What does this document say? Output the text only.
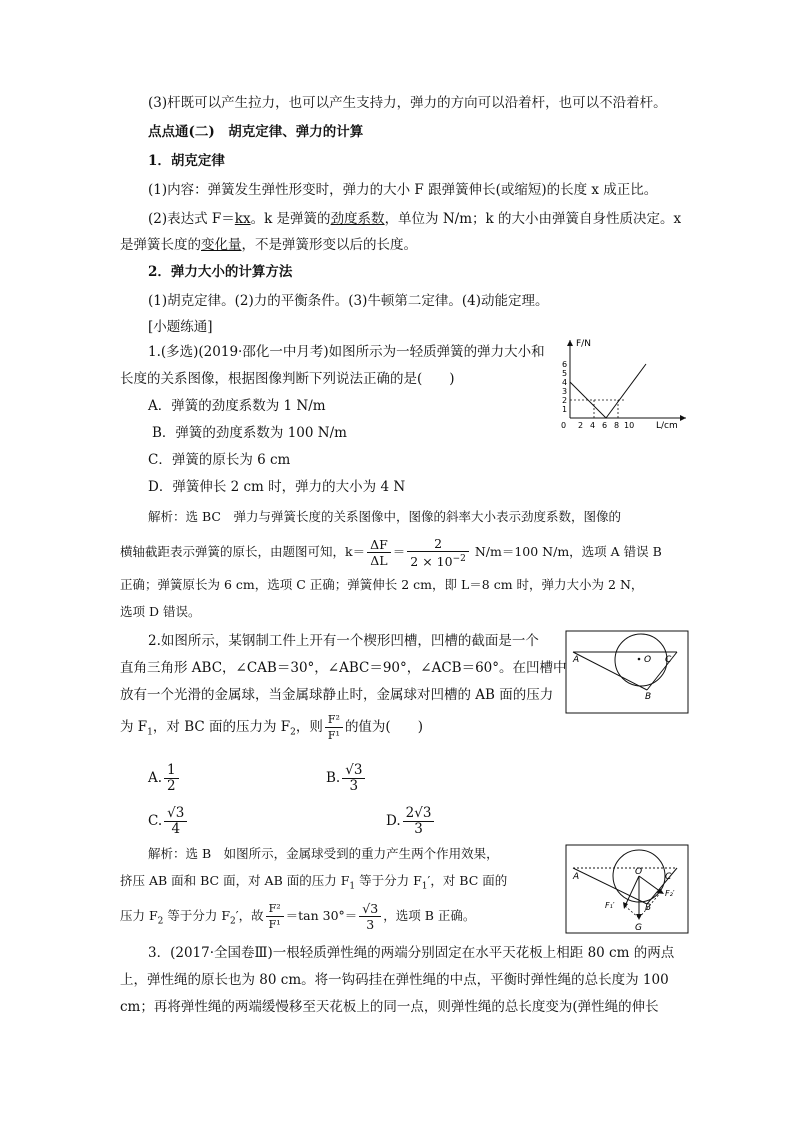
(3)杆既可以产生拉力，也可以产生支持力，弹力的方向可以沿着杆，也可以不沿着杆。
点点通(二)　胡克定律、弹力的计算
1．胡克定律
(1)内容：弹簧发生弹性形变时，弹力的大小 F 跟弹簧伸长(或缩短)的长度 x 成正比。
(2)表达式 F＝kx。k 是弹簧的劲度系数，单位为 N/m；k 的大小由弹簧自身性质决定。x
是弹簧长度的变化量，不是弹簧形变以后的长度。
2．弹力大小的计算方法
(1)胡克定律。(2)力的平衡条件。(3)牛顿第二定律。(4)动能定理。
[小题练通]
1.(多选)(2019·邵化一中月考)如图所示为一轻质弹簧的弹力大小和
长度的关系图像，根据图像判断下列说法正确的是(　　)
A．弹簧的劲度系数为 1 N/m
B．弹簧的劲度系数为 100 N/m
C．弹簧的原长为 6 cm
D．弹簧伸长 2 cm 时，弹力的大小为 4 N
F/N
L/cm
0
1
2
3
4
5
6
2 4 6 8 10
解析：选 BC　弹力与弹簧长度的关系图像中，图像的斜率大小表示劲度系数，图像的
横轴截距表示弹簧的原长，由题图可知，$k= \frac{\Delta F}{\Delta L} = \frac{2}{2 \times 10^{-2}} N/m=100$ N/m，选项 A 错误 B
正确；弹簧原长为 6 cm，选项 C 正确；弹簧伸长 2 cm，即 L＝8 cm 时，弹力大小为 2 N，
选项 D 错误。
2.如图所示，某钢制工件上开有一个楔形凹槽，凹槽的截面是一个
直角三角形 ABC，∠CAB＝30°，∠ABC＝90°，∠ACB＝60°。在凹槽中
放有一个光滑的金属球，当金属球静止时，金属球对凹槽的 AB 面的压力
为 $F_1$，对 BC 面的压力为 $F_2$，则 $\frac{\text{F²}}{\text{F¹}}$ 的值为(　　)
A
B
C
O
A. $\frac{1}{2}$	B. $\frac{√3}{3}$
C. $\frac{√3}{4}$	D. $\frac{2√3}{3}$
解析：选 B　如图所示，金属球受到的重力产生两个作用效果，
挤压 AB 面和 BC 面，对 AB 面的压力 $F_1$ 等于分力 $F_1'$，对 BC 面的
压力 $F_2$ 等于分力 $F_2'$，故 $\frac{\text{F²}}{\text{F¹}} =\tan$ $30^\circ= \frac{√3}{3}$ ，选项 B 正确。
A	C
O
B
G
F₁′
F₂′
3．(2017·全国卷Ⅲ)一根轻质弹性绳的两端分别固定在水平天花板上相距 80 cm 的两点
上，弹性绳的原长也为 80 cm。将一钩码挂在弹性绳的中点，平衡时弹性绳的总长度为 100
cm；再将弹性绳的两端缓慢移至天花板上的同一点，则弹性绳的总长度变为(弹性绳的伸长
